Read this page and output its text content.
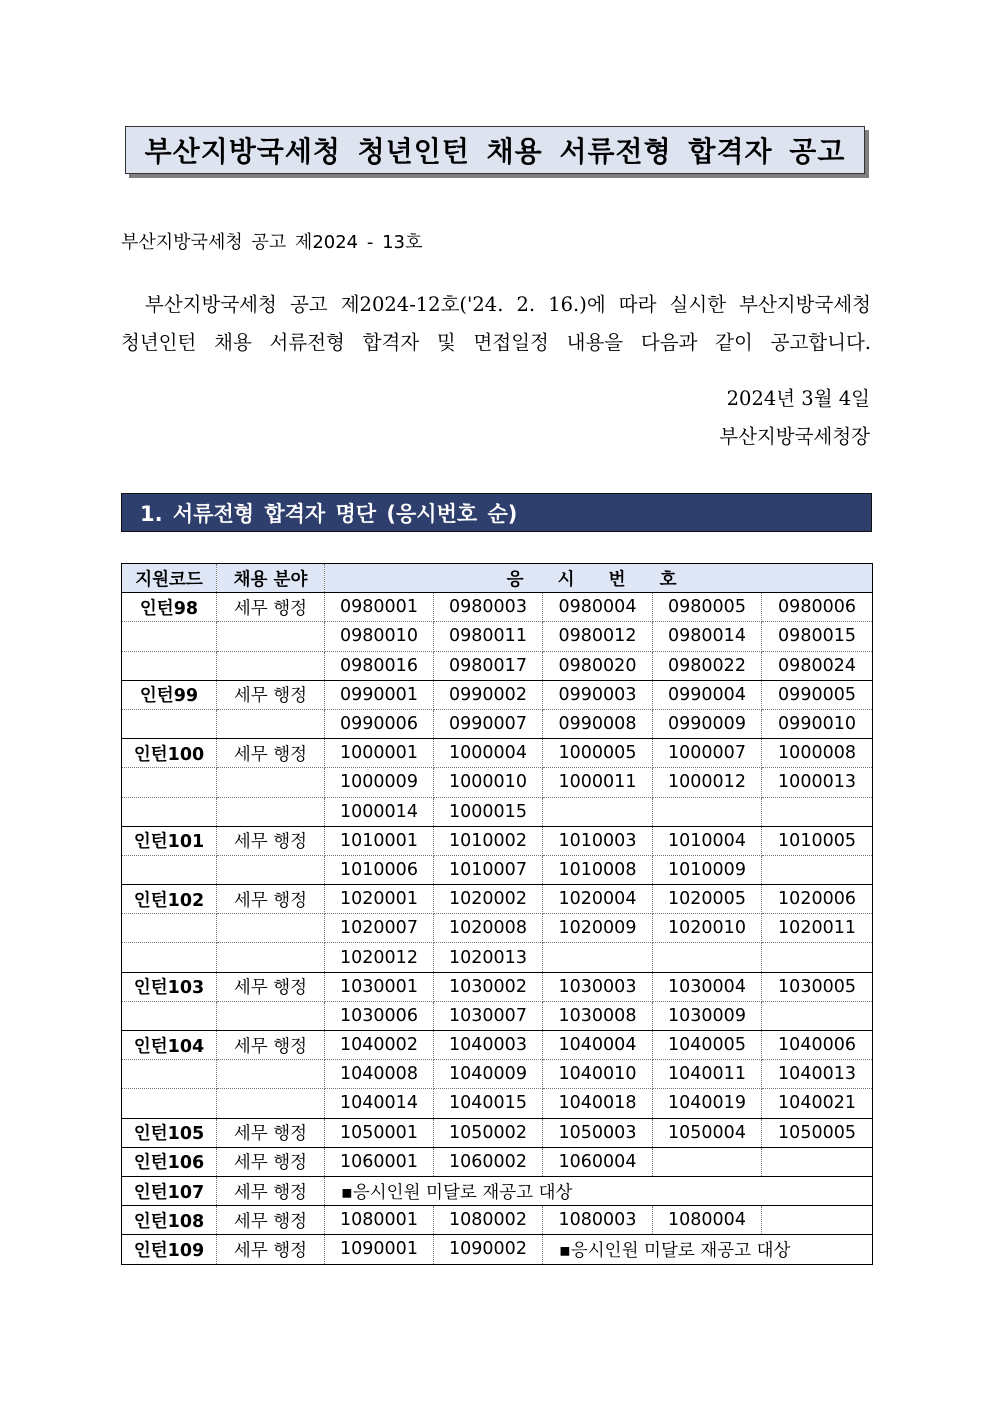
부산지방국세청 청년인턴 채용 서류전형 합격자 공고
부산지방국세청 공고 제2024 - 13호
부산지방국세청 공고 제2024-12호('24. 2. 16.)에 따라 실시한 부산지방국세청
청년인턴 채용 서류전형 합격자 및 면접일정 내용을 다음과 같이 공고합니다.
2024년 3월 4일
부산지방국세청장
1. 서류전형 합격자 명단 (응시번호 순)
지원코드	채용 분야	응 시 번 호				
인턴98	세무 행정	0980001	0980003	0980004	0980005	0980006
		0980010	0980011	0980012	0980014	0980015
		0980016	0980017	0980020	0980022	0980024
인턴99	세무 행정	0990001	0990002	0990003	0990004	0990005
		0990006	0990007	0990008	0990009	0990010
인턴100	세무 행정	1000001	1000004	1000005	1000007	1000008
		1000009	1000010	1000011	1000012	1000013
		1000014	1000015			
인턴101	세무 행정	1010001	1010002	1010003	1010004	1010005
		1010006	1010007	1010008	1010009	
인턴102	세무 행정	1020001	1020002	1020004	1020005	1020006
		1020007	1020008	1020009	1020010	1020011
		1020012	1020013			
인턴103	세무 행정	1030001	1030002	1030003	1030004	1030005
		1030006	1030007	1030008	1030009	
인턴104	세무 행정	1040002	1040003	1040004	1040005	1040006
		1040008	1040009	1040010	1040011	1040013
		1040014	1040015	1040018	1040019	1040021
인턴105	세무 행정	1050001	1050002	1050003	1050004	1050005
인턴106	세무 행정	1060001	1060002	1060004		
인턴107	세무 행정	▪응시인원 미달로 재공고 대상				
인턴108	세무 행정	1080001	1080002	1080003	1080004	
인턴109	세무 행정	1090001	1090002	▪응시인원 미달로 재공고 대상		
